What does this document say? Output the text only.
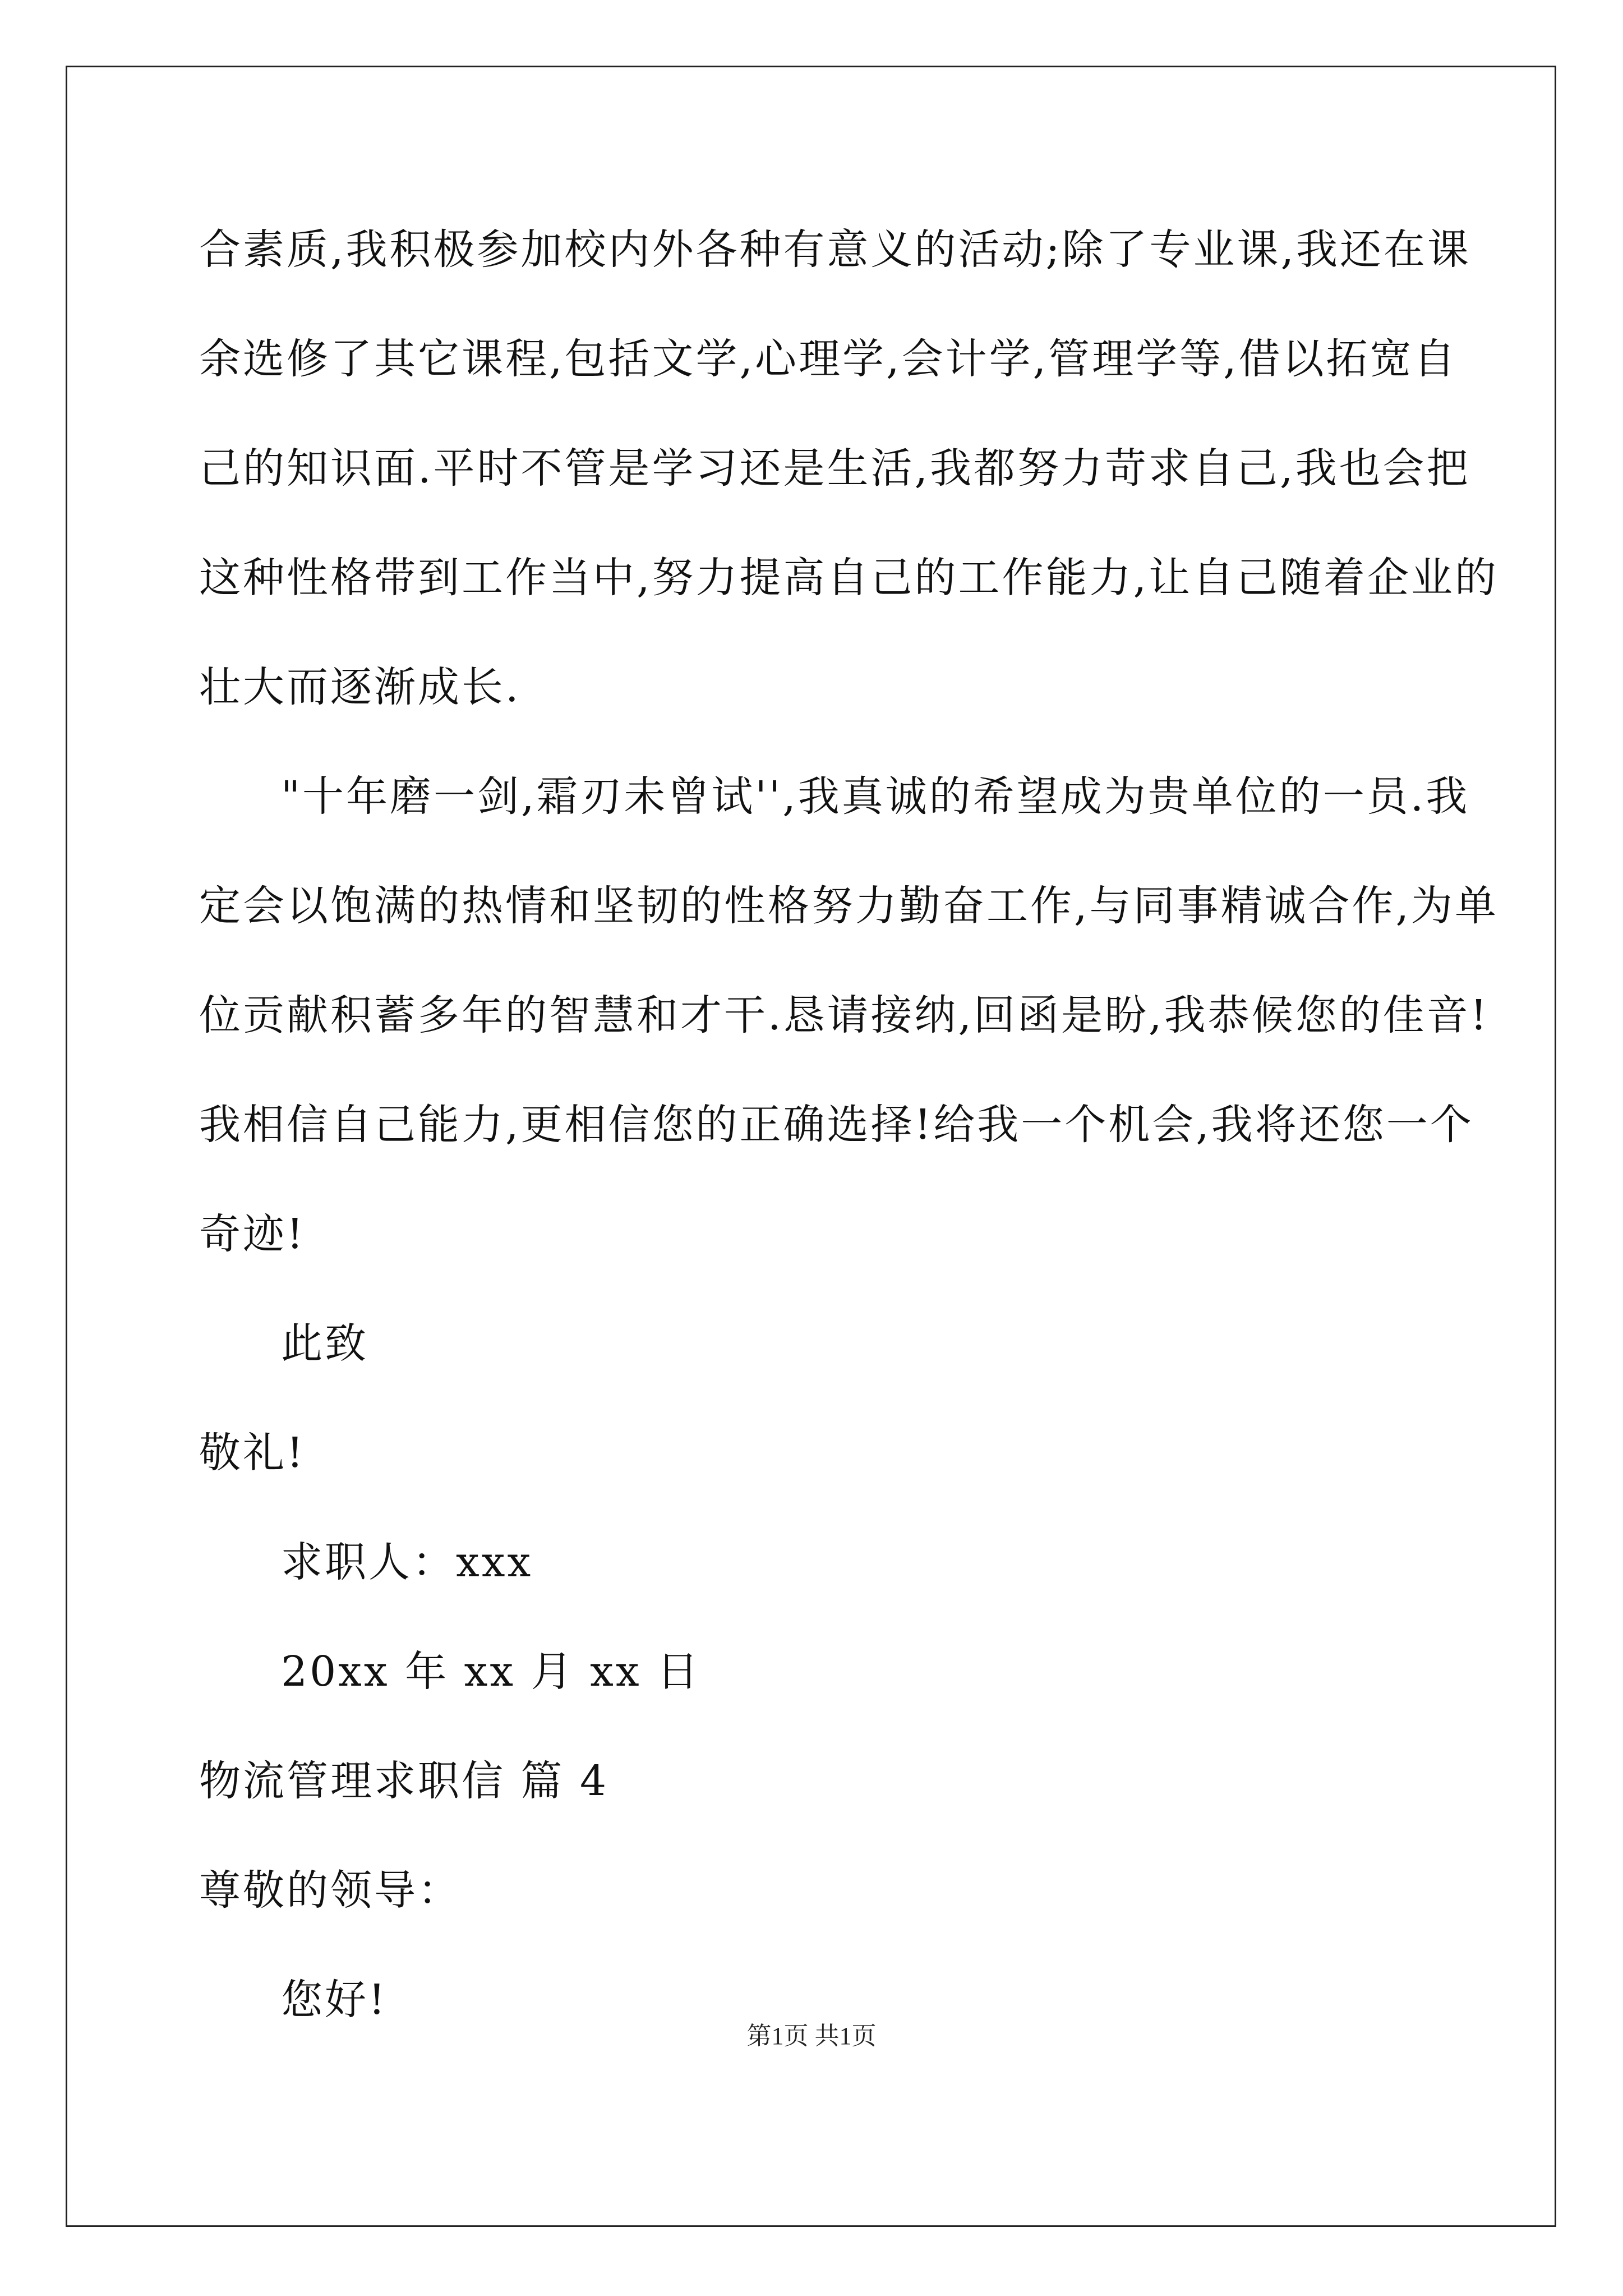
合素质,我积极参加校内外各种有意义的活动;除了专业课,我还在课
余选修了其它课程,包括文学,心理学,会计学,管理学等,借以拓宽自
己的知识面.平时不管是学习还是生活,我都努力苛求自己,我也会把
这种性格带到工作当中,努力提高自己的工作能力,让自己随着企业的
壮大而逐渐成长.
"十年磨一剑,霜刃未曾试'',我真诚的希望成为贵单位的一员.我
定会以饱满的热情和坚韧的性格努力勤奋工作,与同事精诚合作,为单
位贡献积蓄多年的智慧和才干.恳请接纳,回函是盼,我恭候您的佳音!
我相信自己能力,更相信您的正确选择!给我一个机会,我将还您一个
奇迹!
此致
敬礼!
求职人：xxx
20xx 年 xx 月 xx 日
物流管理求职信 篇 4
尊敬的领导：
您好!
第1页 共1页
